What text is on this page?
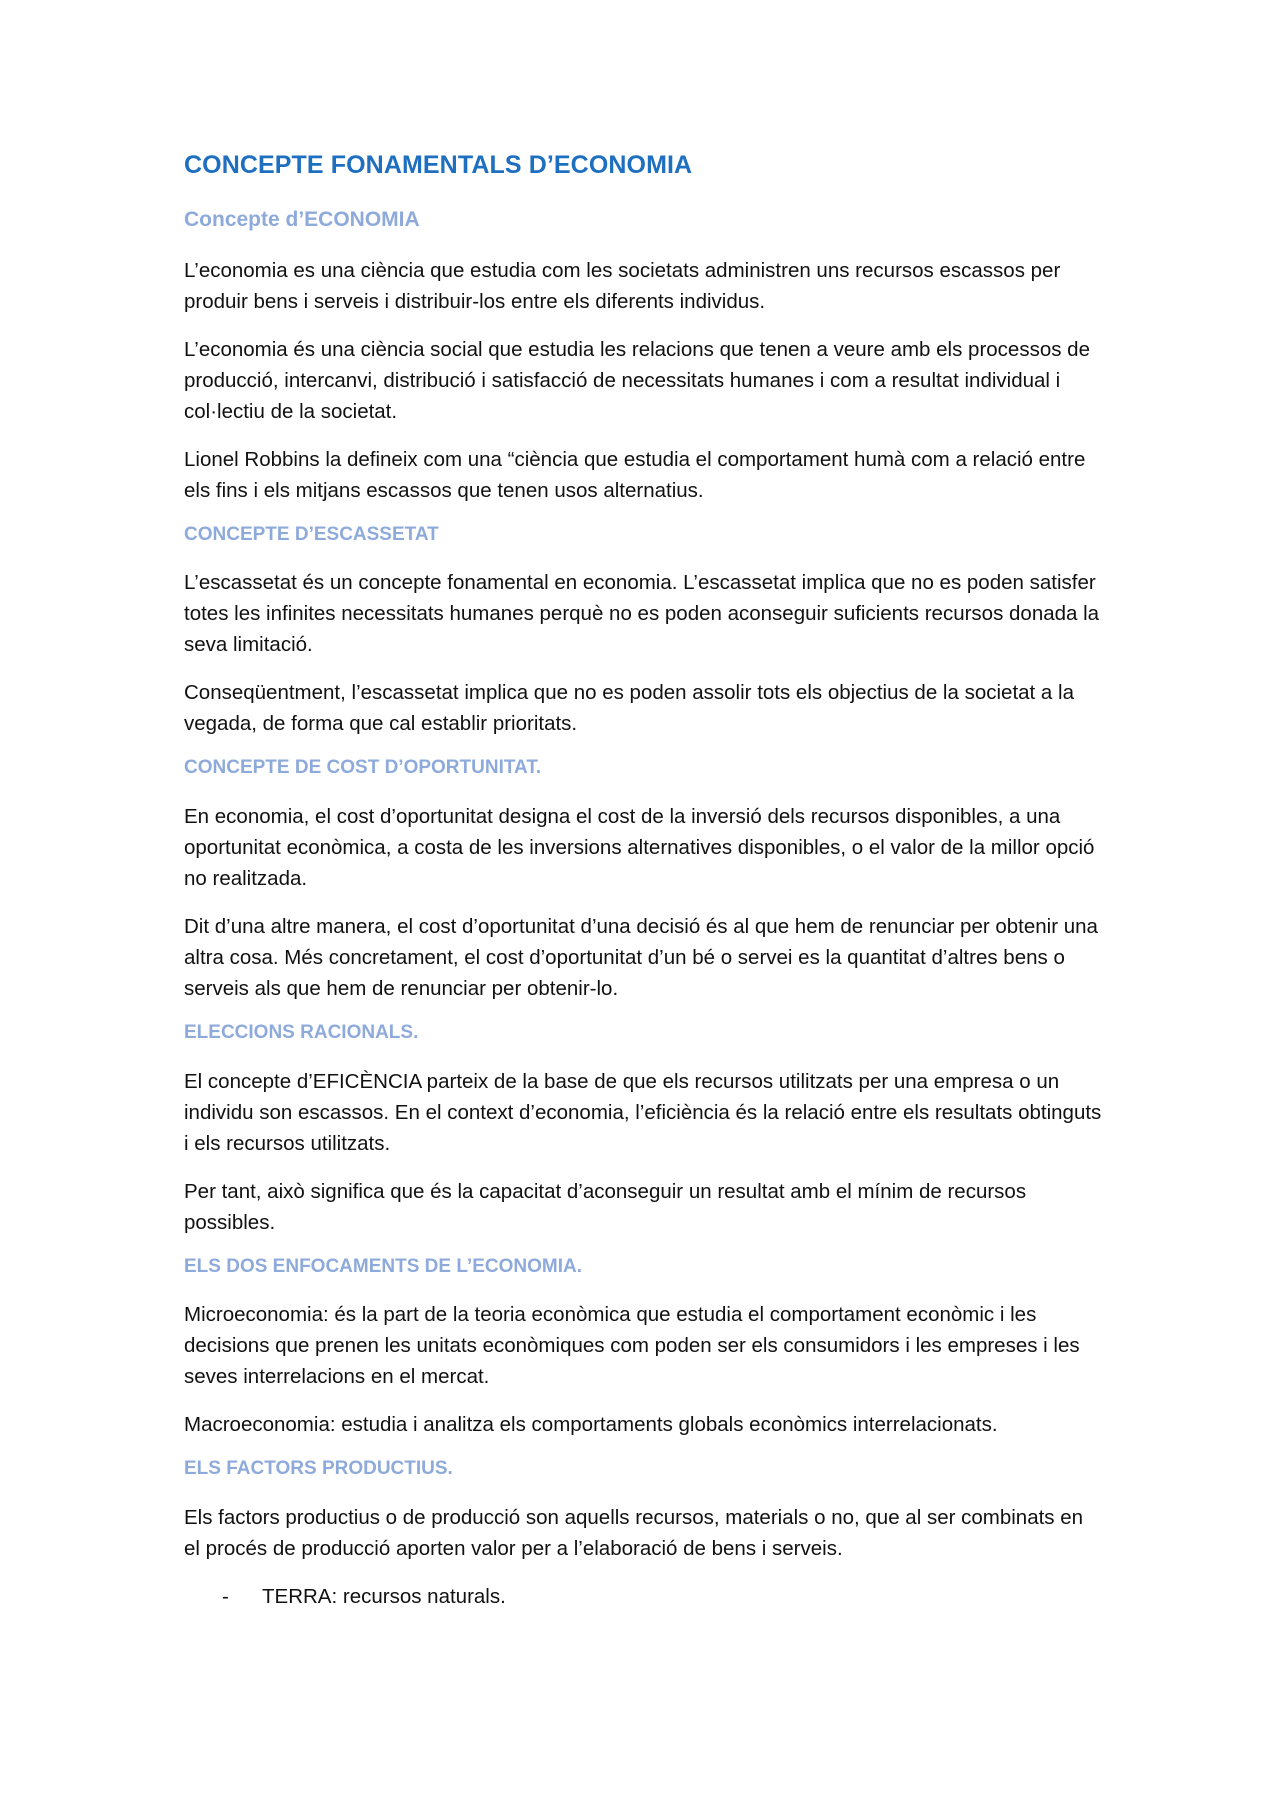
CONCEPTE FONAMENTALS D’ECONOMIA
Concepte d’ECONOMIA

L’economia es una ciència que estudia com les societats administren uns recursos escassos per produir bens i serveis i distribuir-los entre els diferents individus.

L’economia és una ciència social que estudia les relacions que tenen a veure amb els processos de producció, intercanvi, distribució i satisfacció de necessitats humanes i com a resultat individual i col·lectiu de la societat.

Lionel Robbins la defineix com una “ciència que estudia el comportament humà com a relació entre els fins i els mitjans escassos que tenen usos alternatius.

CONCEPTE D’ESCASSETAT

L’escassetat és un concepte fonamental en economia. L’escassetat implica que no es poden satisfer totes les infinites necessitats humanes perquè no es poden aconseguir suficients recursos donada la seva limitació.

Conseqüentment, l’escassetat implica que no es poden assolir tots els objectius de la societat a la vegada, de forma que cal establir prioritats.

CONCEPTE DE COST D’OPORTUNITAT.

En economia, el cost d’oportunitat designa el cost de la inversió dels recursos disponibles, a una oportunitat econòmica, a costa de les inversions alternatives disponibles, o el valor de la millor opció no realitzada.

Dit d’una altre manera, el cost d’oportunitat d’una decisió és al que hem de renunciar per obtenir una altra cosa. Més concretament, el cost d’oportunitat d’un bé o servei es la quantitat d’altres bens o serveis als que hem de renunciar per obtenir-lo.

ELECCIONS RACIONALS.

El concepte d’EFICÈNCIA parteix de la base de que els recursos utilitzats per una empresa o un individu son escassos. En el context d’economia, l’eficiència és la relació entre els resultats obtinguts i els recursos utilitzats.

Per tant, això significa que és la capacitat d’aconseguir un resultat amb el mínim de recursos possibles.

ELS DOS ENFOCAMENTS DE L’ECONOMIA.

Microeconomia: és la part de la teoria econòmica que estudia el comportament econòmic i les decisions que prenen les unitats econòmiques com poden ser els consumidors i les empreses i les seves interrelacions en el mercat.

Macroeconomia: estudia i analitza els comportaments globals econòmics interrelacionats.

ELS FACTORS PRODUCTIUS.

Els factors productius o de producció son aquells recursos, materials o no, que al ser combinats en el procés de producció aporten valor per a l’elaboració de bens i serveis.

- TERRA: recursos naturals.
